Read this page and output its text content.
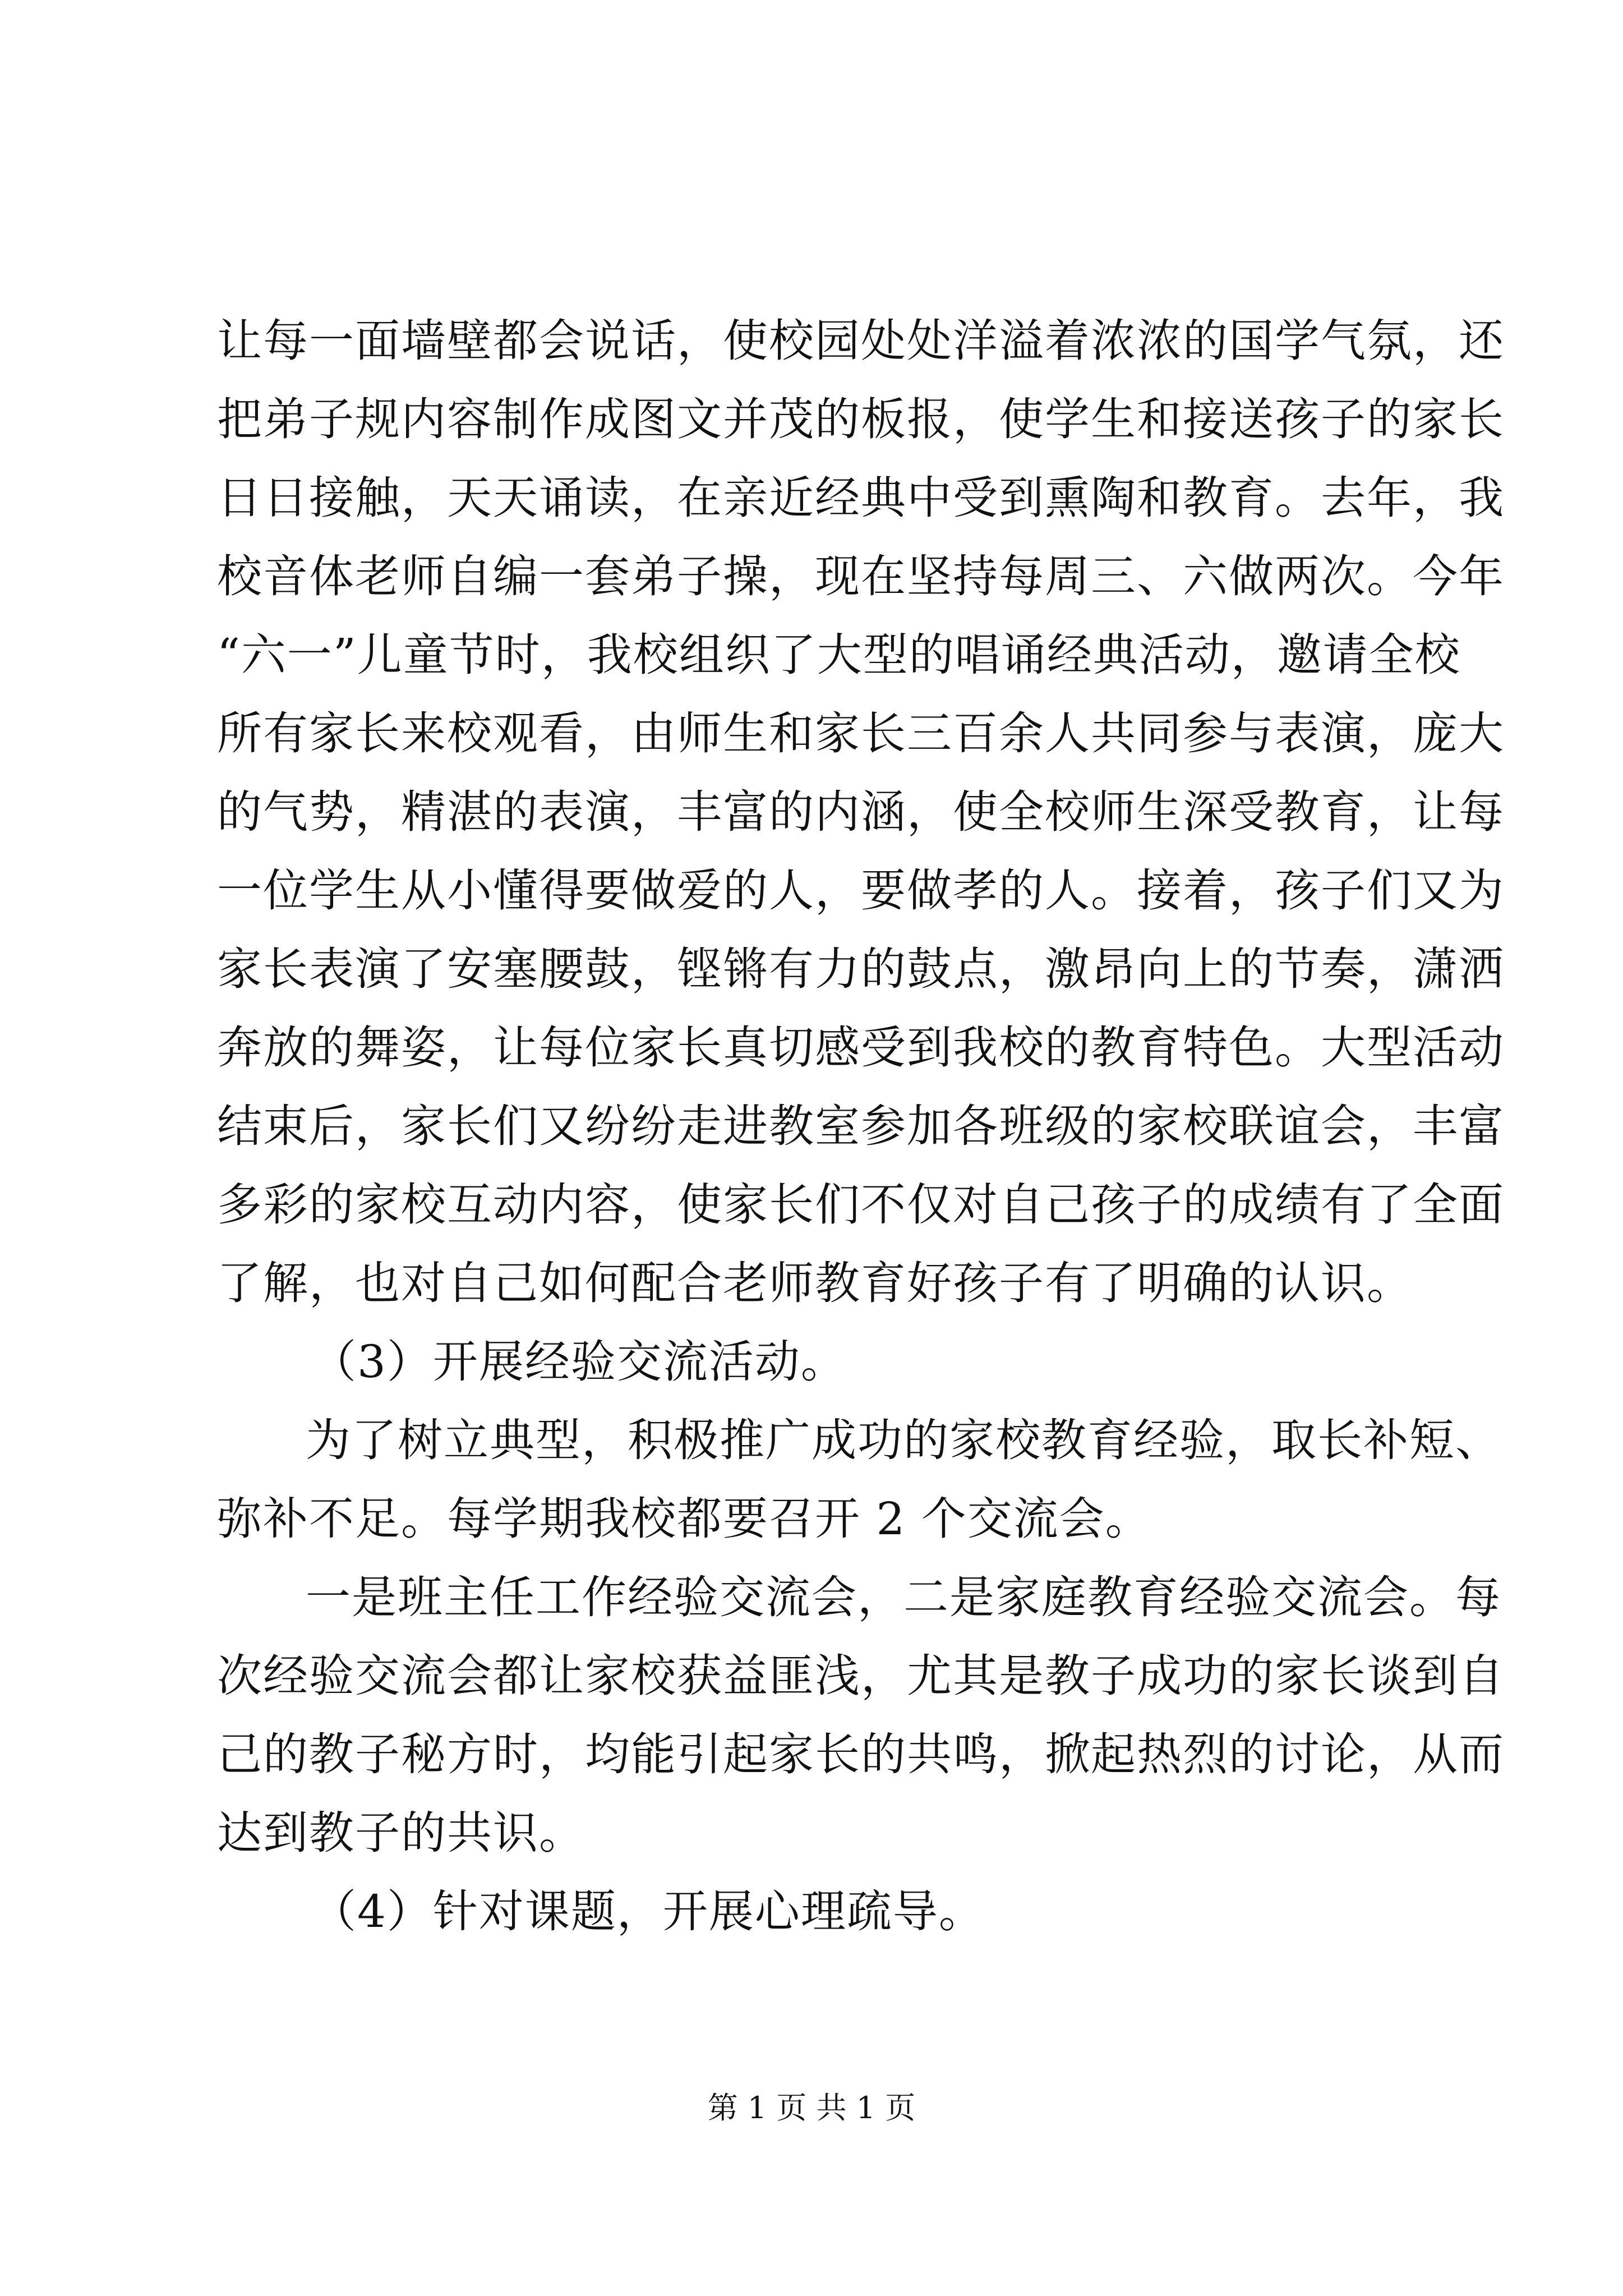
让每一面墙壁都会说话，使校园处处洋溢着浓浓的国学气氛，还
把弟子规内容制作成图文并茂的板报，使学生和接送孩子的家长
日日接触，天天诵读，在亲近经典中受到熏陶和教育。去年，我
校音体老师自编一套弟子操，现在坚持每周三、六做两次。今年
“六一”儿童节时，我校组织了大型的唱诵经典活动，邀请全校
所有家长来校观看，由师生和家长三百余人共同参与表演，庞大
的气势，精湛的表演，丰富的内涵，使全校师生深受教育，让每
一位学生从小懂得要做爱的人，要做孝的人。接着，孩子们又为
家长表演了安塞腰鼓，铿锵有力的鼓点，激昂向上的节奏，潇洒
奔放的舞姿，让每位家长真切感受到我校的教育特色。大型活动
结束后，家长们又纷纷走进教室参加各班级的家校联谊会，丰富
多彩的家校互动内容，使家长们不仅对自己孩子的成绩有了全面
了解，也对自己如何配合老师教育好孩子有了明确的认识。
（3）开展经验交流活动。
为了树立典型，积极推广成功的家校教育经验，取长补短、
弥补不足。每学期我校都要召开 2 个交流会。
一是班主任工作经验交流会，二是家庭教育经验交流会。每
次经验交流会都让家校获益匪浅，尤其是教子成功的家长谈到自
己的教子秘方时，均能引起家长的共鸣，掀起热烈的讨论，从而
达到教子的共识。
（4）针对课题，开展心理疏导。
第 1 页 共 1 页
